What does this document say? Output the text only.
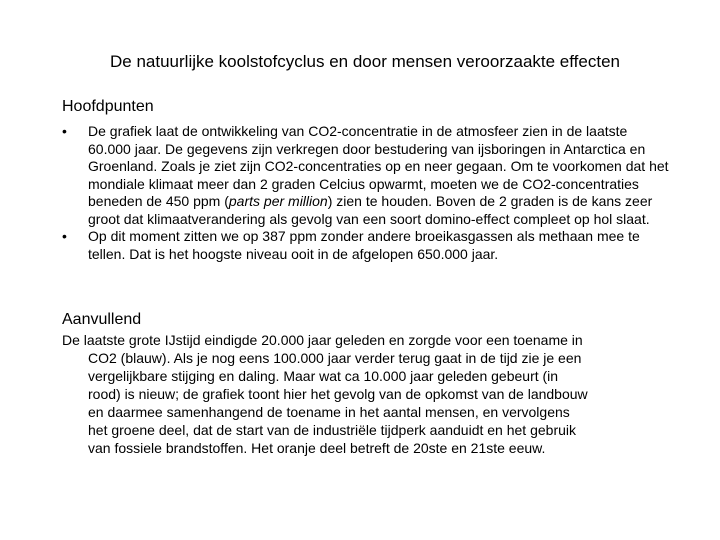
De natuurlijke koolstofcyclus en door mensen veroorzaakte effecten
Hoofdpunten
• De grafiek laat de ontwikkeling van CO2-concentratie in de atmosfeer zien in de laatste 60.000 jaar. De gegevens zijn verkregen door bestudering van ijsboringen in Antarctica en Groenland. Zoals je ziet zijn CO2-concentraties op en neer gegaan. Om te voorkomen dat het mondiale klimaat meer dan 2 graden Celcius opwarmt, moeten we de CO2-concentraties beneden de 450 ppm (parts per million) zien te houden. Boven de 2 graden is de kans zeer groot dat klimaatverandering als gevolg van een soort domino-effect compleet op hol slaat.
• Op dit moment zitten we op 387 ppm zonder andere broeikasgassen als methaan mee te tellen. Dat is het hoogste niveau ooit in de afgelopen 650.000 jaar.
Aanvullend

De laatste grote IJstijd eindigde 20.000 jaar geleden en zorgde voor een toename in
CO2 (blauw). Als je nog eens 100.000 jaar verder terug gaat in de tijd zie je een
vergelijkbare stijging en daling. Maar wat ca 10.000 jaar geleden gebeurt (in
rood) is nieuw; de grafiek toont hier het gevolg van de opkomst van de landbouw
en daarmee samenhangend de toename in het aantal mensen, en vervolgens
het groene deel, dat de start van de industriële tijdperk aanduidt en het gebruik
van fossiele brandstoffen. Het oranje deel betreft de 20ste en 21ste eeuw.
